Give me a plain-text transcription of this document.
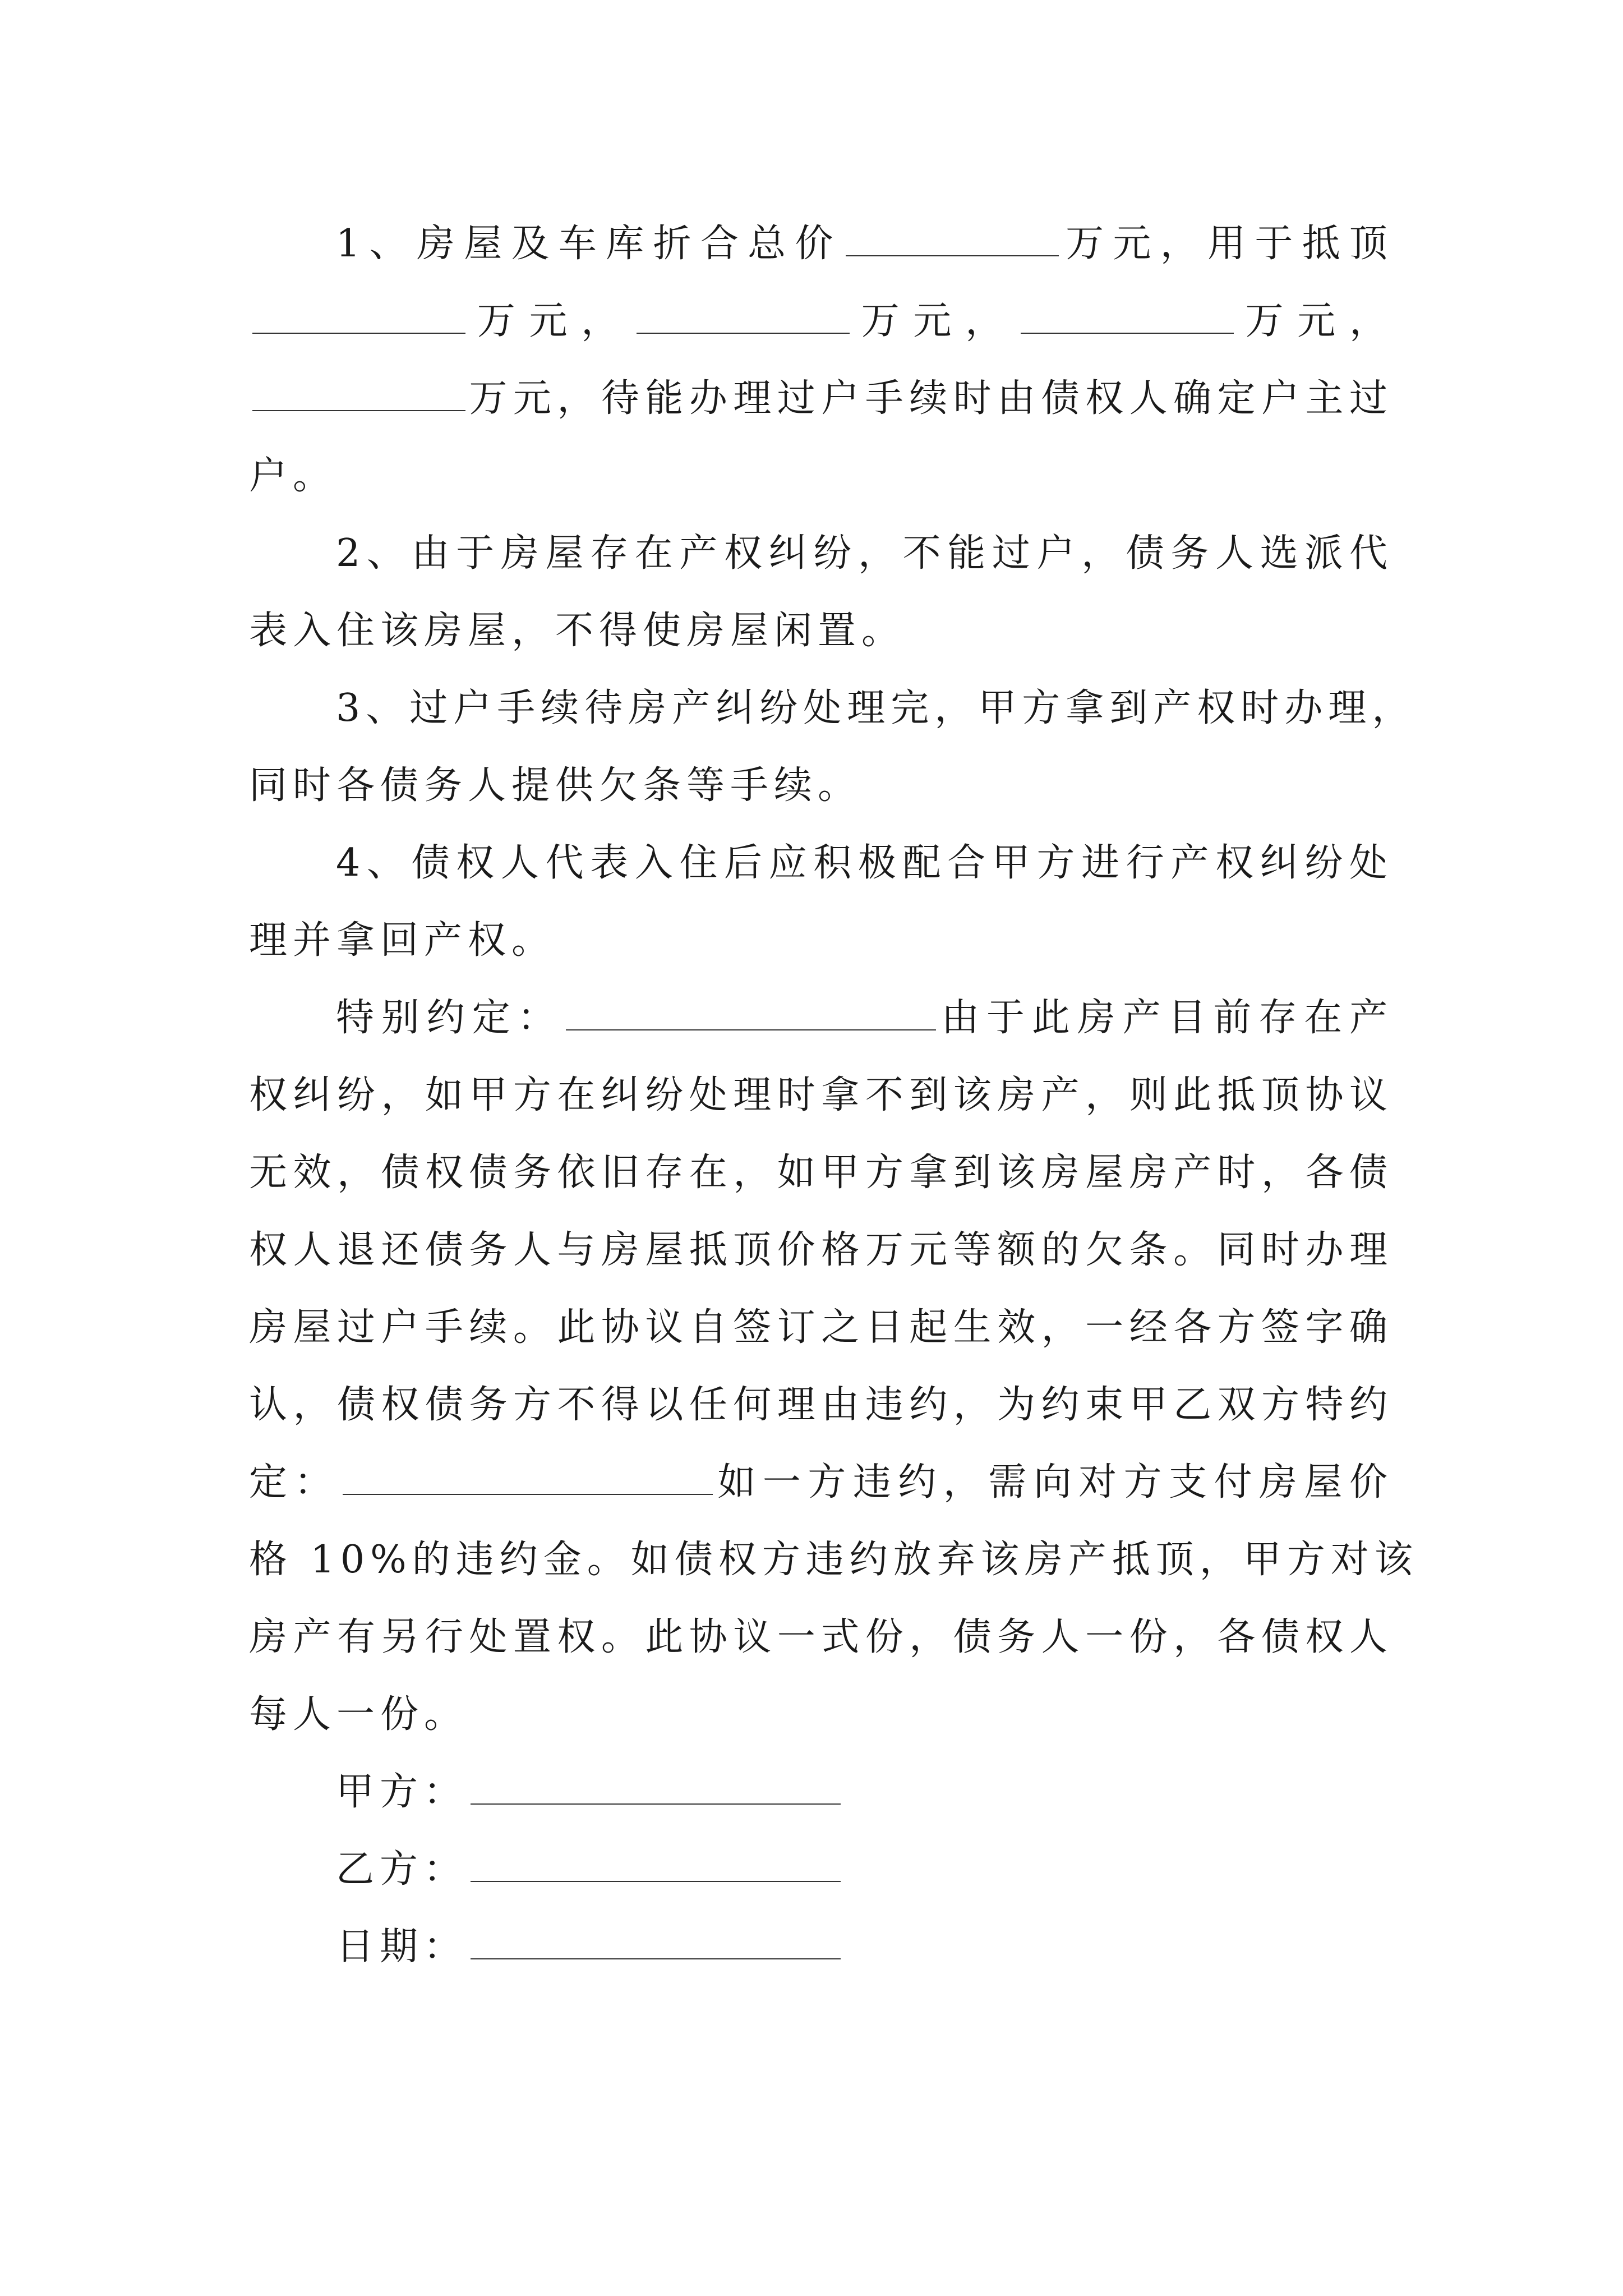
1、房屋及车库折合总价	万元，用于抵顶
万元，	万元，	万元，
万元，待能办理过户手续时由债权人确定户主过
户。
2、由于房屋存在产权纠纷，不能过户，债务人选派代
表入住该房屋，不得使房屋闲置。
3、过户手续待房产纠纷处理完，甲方拿到产权时办理，
同时各债务人提供欠条等手续。
4、债权人代表入住后应积极配合甲方进行产权纠纷处
理并拿回产权。
特别约定：	由于此房产目前存在产
权纠纷，如甲方在纠纷处理时拿不到该房产，则此抵顶协议
无效，债权债务依旧存在，如甲方拿到该房屋房产时，各债
权人退还债务人与房屋抵顶价格万元等额的欠条。同时办理
房屋过户手续。此协议自签订之日起生效，一经各方签字确
认，债权债务方不得以任何理由违约，为约束甲乙双方特约
定：	如一方违约，需向对方支付房屋价
格 10%的违约金。如债权方违约放弃该房产抵顶，甲方对该
房产有另行处置权。此协议一式份，债务人一份，各债权人
每人一份。
甲方：
乙方：
日期：
